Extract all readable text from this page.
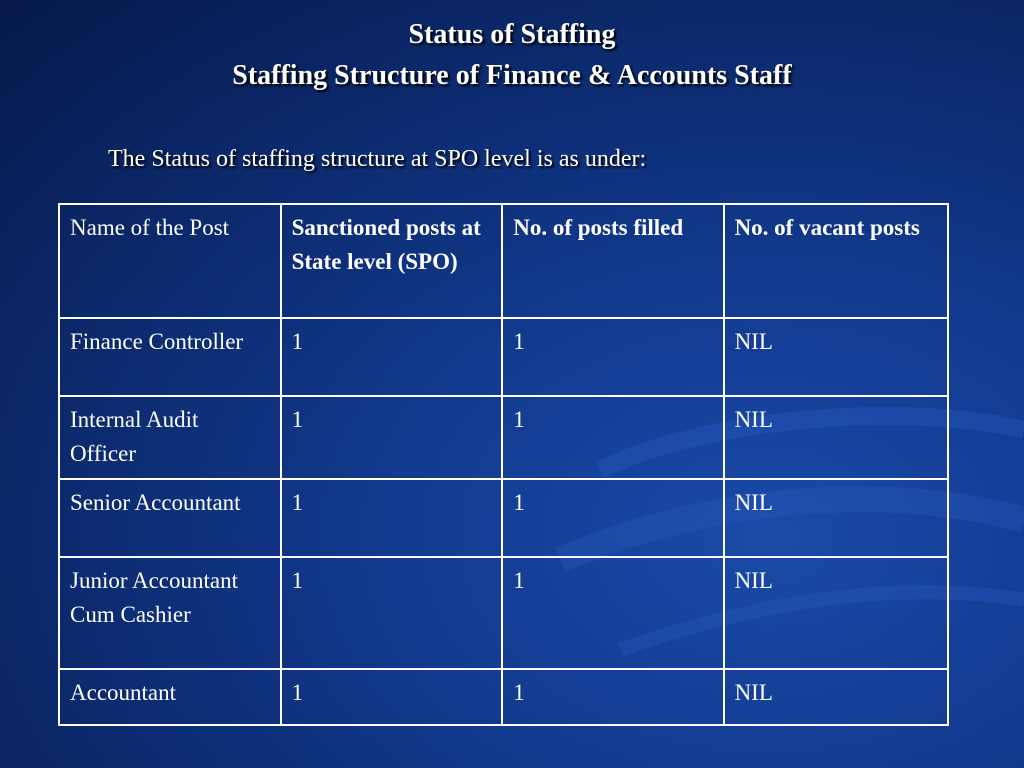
Status of Staffing
Staffing Structure of Finance & Accounts Staff
The Status of staffing structure at SPO level is as under:
Name of the Post	Sanctioned posts at State level (SPO)	No. of posts filled	No. of vacant posts
Finance Controller	1	1	NIL
Internal Audit Officer	1	1	NIL
Senior Accountant	1	1	NIL
Junior Accountant Cum Cashier	1	1	NIL
Accountant	1	1	NIL
